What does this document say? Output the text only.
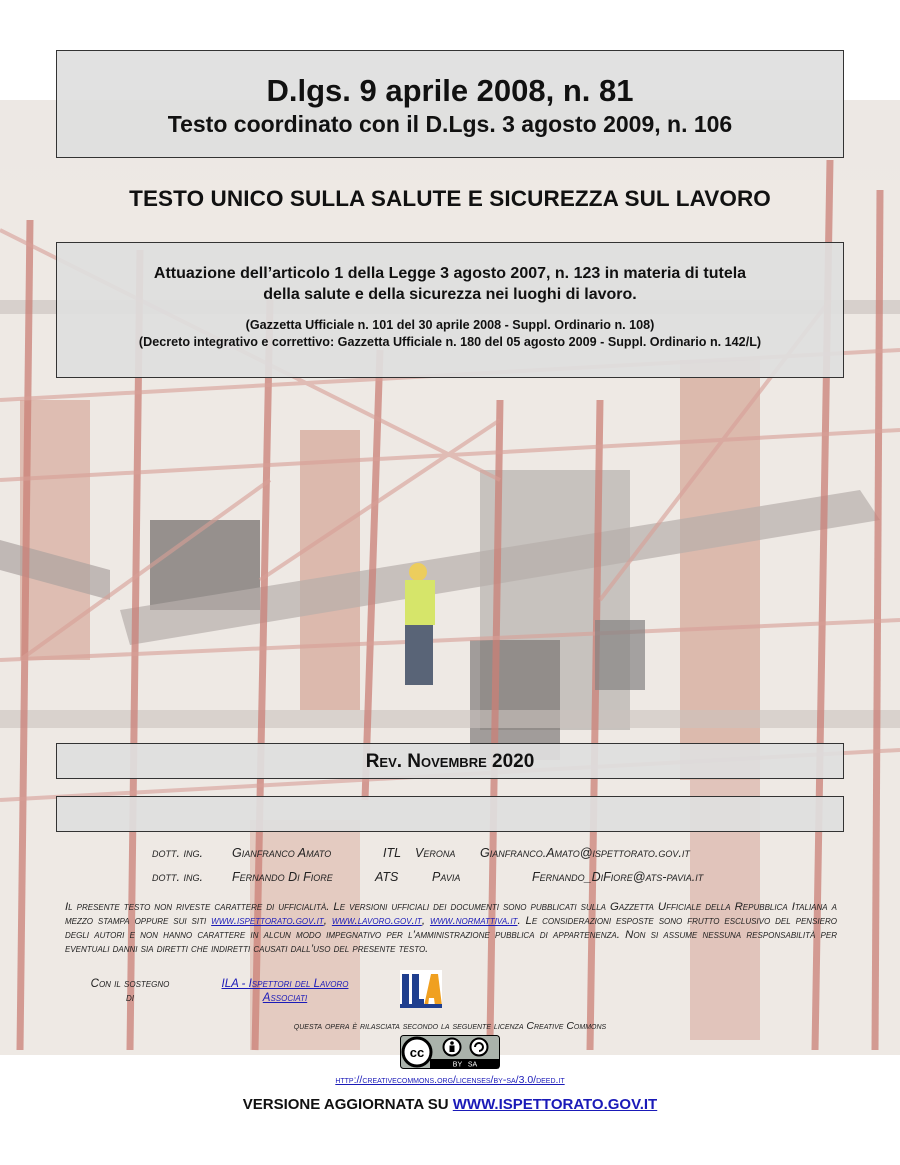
D.lgs. 9 aprile 2008, n. 81
Testo coordinato con il D.Lgs. 3 agosto 2009, n. 106
TESTO UNICO SULLA SALUTE E SICUREZZA SUL LAVORO
Attuazione dell’articolo 1 della Legge 3 agosto 2007, n. 123 in materia di tutela
della salute e della sicurezza nei luoghi di lavoro.
(Gazzetta Ufficiale n. 101 del 30 aprile 2008 - Suppl. Ordinario n. 108)
(Decreto integrativo e correttivo: Gazzetta Ufficiale n. 180 del 05 agosto 2009 - Suppl. Ordinario n. 142/L)
Rev. Novembre 2020
dott. ing. Gianfranco Amato	ITL Verona Gianfranco.Amato@ispettorato.gov.it
dott. ing. Fernando Di Fiore	ATS	Pavia	Fernando_DiFiore@ats-pavia.it
Il presente testo non riveste carattere di ufficialità. Le versioni ufficiali dei documenti sono pubblicati sulla Gazzetta Ufficiale della Repubblica Italiana a mezzo stampa oppure sui siti www.ispettorato.gov.it, www.lavoro.gov.it, www.normattiva.it. Le considerazioni esposte sono frutto esclusivo del pensiero degli autori e non hanno carattere in alcun modo impegnativo per l’amministrazione pubblica di appartenenza. Non si assume nessuna responsabilità per eventuali danni sia diretti che indiretti causati dall’uso del presente testo.
Con il sostegno
di
ILA - Ispettori del Lavoro
Associati
questa opera è rilasciata secondo la seguente licenza Creative Commons
cc
BY   SA
http://creativecommons.org/licenses/by-sa/3.0/deed.it
VERSIONE AGGIORNATA SU WWW.ISPETTORATO.GOV.IT
